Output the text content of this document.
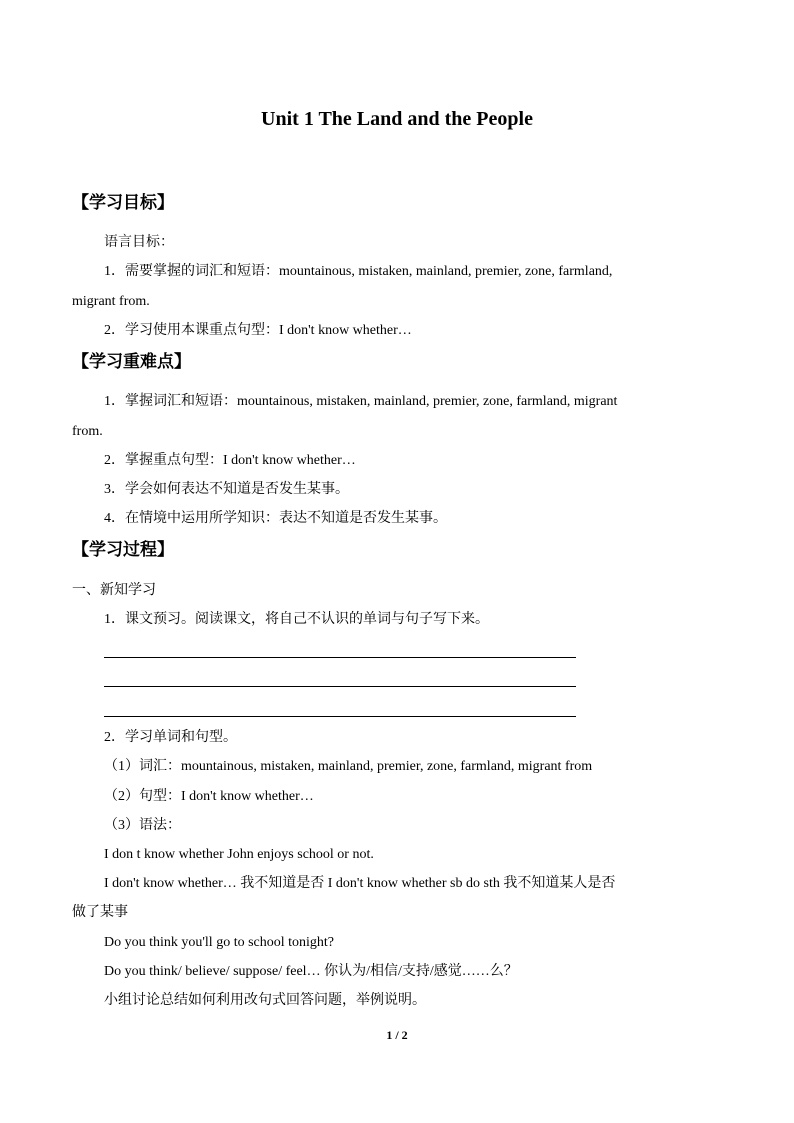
Unit 1 The Land and the People
【学习目标】
语言目标：
1．需要掌握的词汇和短语：mountainous, mistaken, mainland, premier, zone, farmland,
migrant from.
2．学习使用本课重点句型：I don't know whether…
【学习重难点】
1．掌握词汇和短语：mountainous, mistaken, mainland, premier, zone, farmland, migrant
from.
2．掌握重点句型：I don't know whether…
3．学会如何表达不知道是否发生某事。
4．在情境中运用所学知识：表达不知道是否发生某事。
【学习过程】
一、新知学习
1．课文预习。阅读课文，将自己不认识的单词与句子写下来。
2．学习单词和句型。
（1）词汇：mountainous, mistaken, mainland, premier, zone, farmland, migrant from
（2）句型：I don't know whether…
（3）语法：
I don t know whether John enjoys school or not.
I don't know whether… 我不知道是否 I don't know whether sb do sth 我不知道某人是否
做了某事
Do you think you'll go to school tonight?
Do you think/ believe/ suppose/ feel… 你认为/相信/支持/感觉……么？
小组讨论总结如何利用改句式回答问题，举例说明。
1 / 2
